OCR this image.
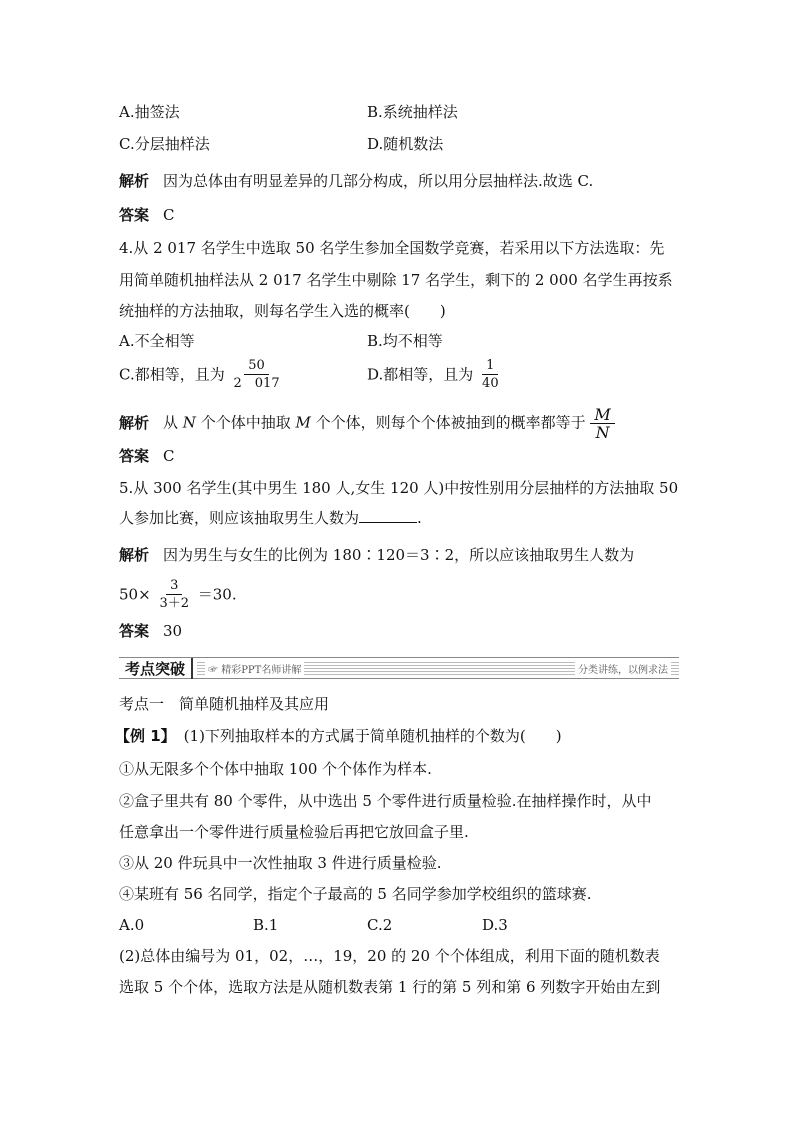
A.抽签法	B.系统抽样法
C.分层抽样法	D.随机数法
解析 因为总体由有明显差异的几部分构成，所以用分层抽样法.故选 C.
答案 C
4.从 2 017 名学生中选取 50 名学生参加全国数学竞赛，若采用以下方法选取：先
用简单随机抽样法从 2 017 名学生中剔除 17 名学生，剩下的 2 000 名学生再按系
统抽样的方法抽取，则每名学生入选的概率(　　)
A.不全相等	B.均不相等
C.都相等，且为 $\frac{50}{2 017}$	D.都相等，且为 $\frac{1}{40}$
解析 从 N 个个体中抽取 M 个个体，则每个个体被抽到的概率都等于 $\frac{M}{N}$
答案 C
5.从 300 名学生(其中男生 180 人,女生 120 人)中按性别用分层抽样的方法抽取 50
人参加比赛，则应该抽取男生人数为	.
解析 因为男生与女生的比例为 180∶120＝3∶2，所以应该抽取男生人数为
$50\times \frac{3}{3+2} =30$.
答案 30
考点突破	☞ 精彩PPT名师讲解	分类讲练，以例求法
考点一　简单随机抽样及其应用
【例 1】 (1)下列抽取样本的方式属于简单随机抽样的个数为(　　)
①从无限多个个体中抽取 100 个个体作为样本.
②盒子里共有 80 个零件，从中选出 5 个零件进行质量检验.在抽样操作时，从中
任意拿出一个零件进行质量检验后再把它放回盒子里.
③从 20 件玩具中一次性抽取 3 件进行质量检验.
④某班有 56 名同学，指定个子最高的 5 名同学参加学校组织的篮球赛.
A.0	B.1	C.2	D.3
(2)总体由编号为 01，02，…，19，20 的 20 个个体组成，利用下面的随机数表
选取 5 个个体，选取方法是从随机数表第 1 行的第 5 列和第 6 列数字开始由左到
